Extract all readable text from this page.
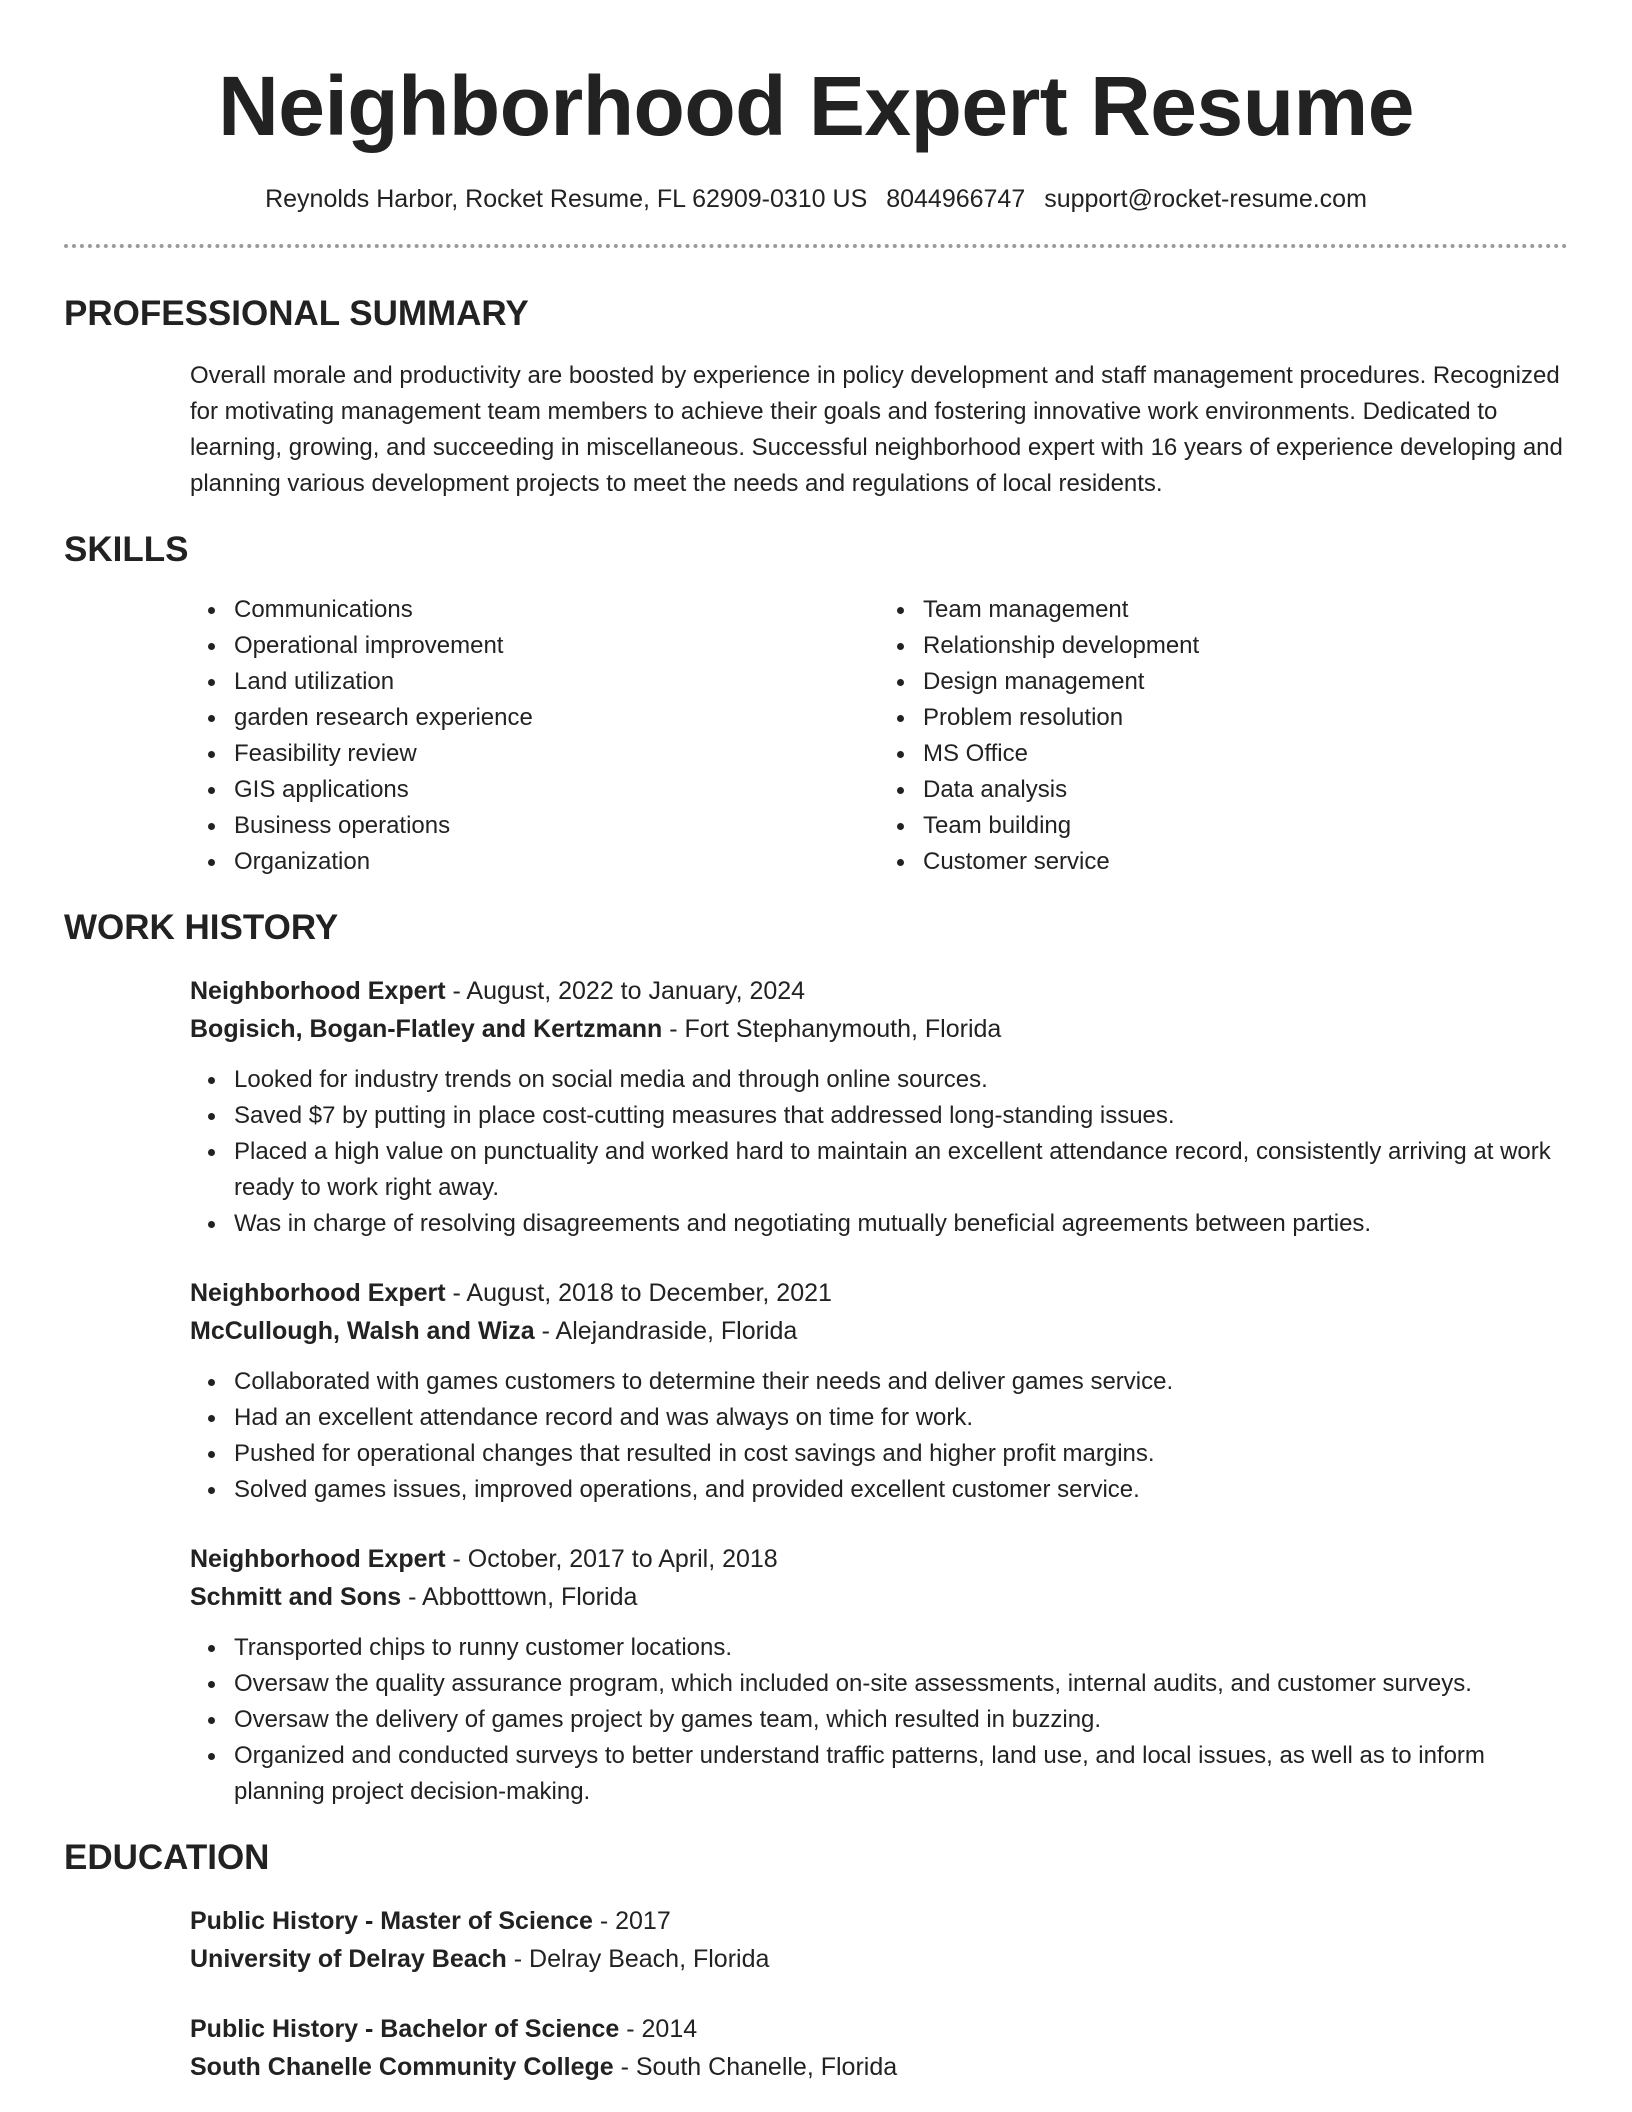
Neighborhood Expert Resume
Reynolds Harbor, Rocket Resume, FL 62909-0310 US 8044966747 support@rocket-resume.com
PROFESSIONAL SUMMARY
Overall morale and productivity are boosted by experience in policy development and staff management procedures. Recognized for motivating management team members to achieve their goals and fostering innovative work environments. Dedicated to learning, growing, and succeeding in miscellaneous. Successful neighborhood expert with 16 years of experience developing and planning various development projects to meet the needs and regulations of local residents.
SKILLS
Communications
Operational improvement
Land utilization
garden research experience
Feasibility review
GIS applications
Business operations
Organization
Team management
Relationship development
Design management
Problem resolution
MS Office
Data analysis
Team building
Customer service
WORK HISTORY
Neighborhood Expert - August, 2022 to January, 2024
Bogisich, Bogan-Flatley and Kertzmann - Fort Stephanymouth, Florida
Looked for industry trends on social media and through online sources.
Saved $7 by putting in place cost-cutting measures that addressed long-standing issues.
Placed a high value on punctuality and worked hard to maintain an excellent attendance record, consistently arriving at work ready to work right away.
Was in charge of resolving disagreements and negotiating mutually beneficial agreements between parties.
Neighborhood Expert - August, 2018 to December, 2021
McCullough, Walsh and Wiza - Alejandraside, Florida
Collaborated with games customers to determine their needs and deliver games service.
Had an excellent attendance record and was always on time for work.
Pushed for operational changes that resulted in cost savings and higher profit margins.
Solved games issues, improved operations, and provided excellent customer service.
Neighborhood Expert - October, 2017 to April, 2018
Schmitt and Sons - Abbotttown, Florida
Transported chips to runny customer locations.
Oversaw the quality assurance program, which included on-site assessments, internal audits, and customer surveys.
Oversaw the delivery of games project by games team, which resulted in buzzing.
Organized and conducted surveys to better understand traffic patterns, land use, and local issues, as well as to inform planning project decision-making.
EDUCATION
Public History - Master of Science - 2017
University of Delray Beach - Delray Beach, Florida
Public History - Bachelor of Science - 2014
South Chanelle Community College - South Chanelle, Florida
